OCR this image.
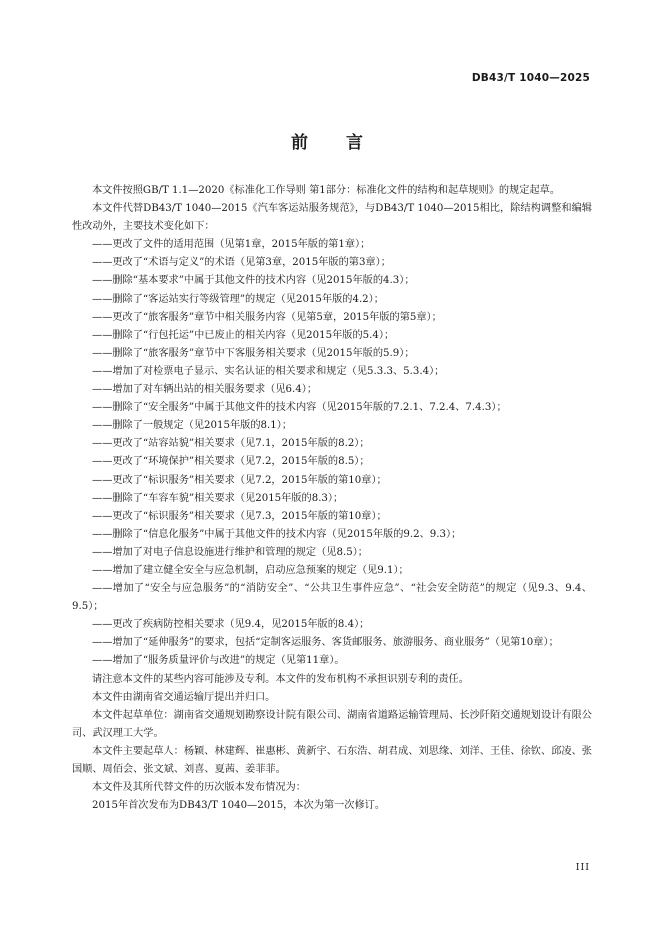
DB43/T 1040—2025
前 言

本文件按照GB/T 1.1—2020《标准化工作导则 第1部分：标准化文件的结构和起草规则》的规定起草。

本文件代替DB43/T 1040—2015《汽车客运站服务规范》，与DB43/T 1040—2015相比，除结构调整和编辑性改动外，主要技术变化如下：

——更改了文件的适用范围（见第1章，2015年版的第1章）；

——更改了“术语与定义”的术语（见第3章，2015年版的第3章）；

——删除“基本要求”中属于其他文件的技术内容（见2015年版的4.3）；

——删除了“客运站实行等级管理”的规定（见2015年版的4.2）；

——更改了“旅客服务”章节中相关服务内容（见第5章，2015年版的第5章）；

——删除了“行包托运”中已废止的相关内容（见2015年版的5.4）；

——删除了“旅客服务”章节中下客服务相关要求（见2015年版的5.9）；

——增加了对检票电子显示、实名认证的相关要求和规定（见5.3.3、5.3.4）；

——增加了对车辆出站的相关服务要求（见6.4）；

——删除了“安全服务”中属于其他文件的技术内容（见2015年版的7.2.1、7.2.4、7.4.3）；

——删除了一般规定（见2015年版的8.1）；

——更改了“站容站貌”相关要求（见7.1，2015年版的8.2）；

——更改了“环境保护”相关要求（见7.2，2015年版的8.5）；

——更改了“标识服务”相关要求（见7.2，2015年版的第10章）；

——删除了“车容车貌”相关要求（见2015年版的8.3）；

——更改了“标识服务”相关要求（见7.3，2015年版的第10章）；

——删除了“信息化服务”中属于其他文件的技术内容（见2015年版的9.2、9.3）；

——增加了对电子信息设施进行维护和管理的规定（见8.5）；

——增加了建立健全安全与应急机制，启动应急预案的规定（见9.1）；

——增加了“安全与应急服务”的“消防安全”、“公共卫生事件应急”、“社会安全防范”的规定（见9.3、9.4、9.5）；

——更改了疾病防控相关要求（见9.4，见2015年版的8.4）；

——增加了“延伸服务”的要求，包括“定制客运服务、客货邮服务、旅游服务、商业服务”（见第10章）；

——增加了“服务质量评价与改进”的规定（见第11章）。

请注意本文件的某些内容可能涉及专利。本文件的发布机构不承担识别专利的责任。

本文件由湖南省交通运输厅提出并归口。

本文件起草单位：湖南省交通规划勘察设计院有限公司、湖南省道路运输管理局、长沙阡陌交通规划设计有限公司、武汉理工大学。

本文件主要起草人：杨颖、林建辉、崔惠彬、黄新宇、石东浩、胡君成、刘思缘、刘洋、王佳、徐钦、邱凌、张国顺、周佰会、张文斌、刘喜、夏茜、姜菲菲。

本文件及其所代替文件的历次版本发布情况为：

2015年首次发布为DB43/T 1040—2015，本次为第一次修订。

III
